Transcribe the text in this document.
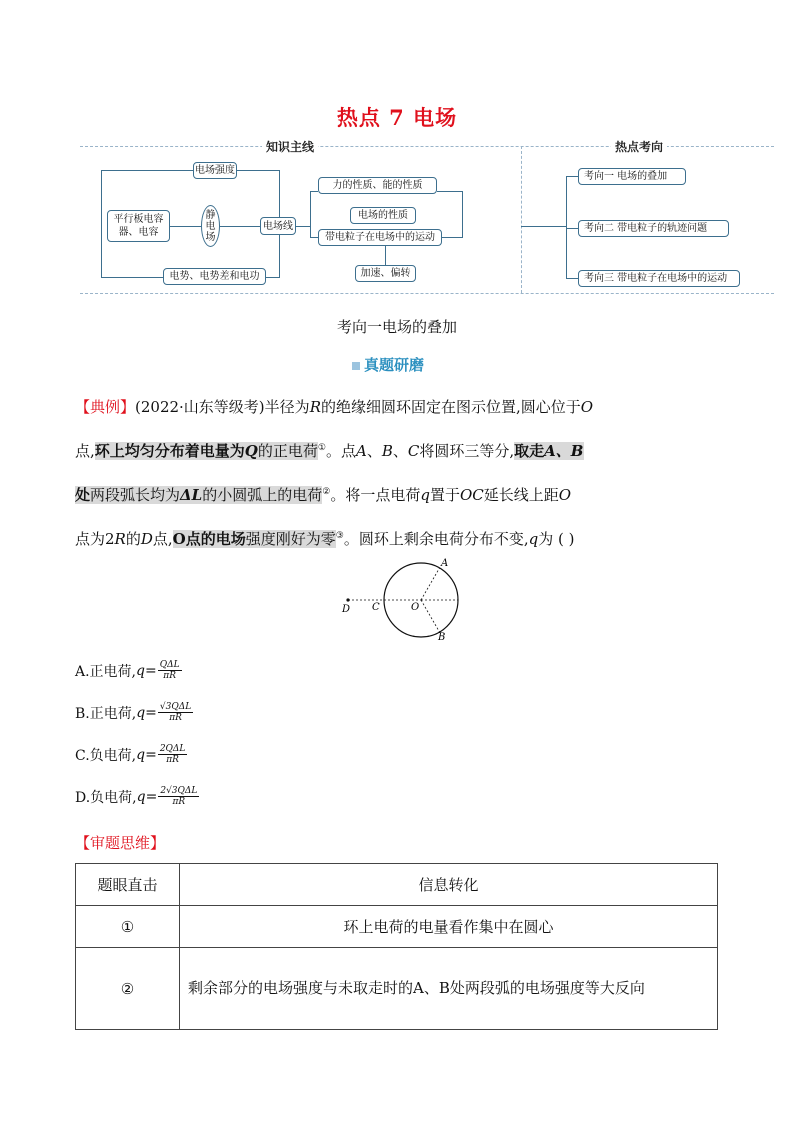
热点 7 电场
知识主线	热点考向
电场强度
平行板电容器、电容
静电场
电势、电势差和电功
电场线
力的性质、能的性质
电场的性质
带电粒子在电场中的运动
加速、偏转
考向一 电场的叠加
考向二 带电粒子的轨迹问题
考向三 带电粒子在电场中的运动
考向一电场的叠加
真题研磨
【典例】(2022·山东等级考)半径为R的绝缘细圆环固定在图示位置,圆心位于O
点,环上均匀分布着电量为Q的正电荷①。点A、B、C将圆环三等分,取走A、B
处两段弧长均为ΔL的小圆弧上的电荷②。将一点电荷q置于OC延长线上距O
点为2R的D点,O点的电场强度刚好为零③。圆环上剩余电荷分布不变,q为 ( )
D C	O
A
B
A.正电荷, $q= \frac{\text{QΔL}}{\pi R}$
B.正电荷, $q= \frac{\text{√3QΔL}}{\pi R}$
C.负电荷, $q= \frac{\text{2QΔL}}{\pi R}$
D.负电荷, $q= \frac{\text{2√3QΔL}}{\pi R}$
【审题思维】
题眼直击	信息转化
①	环上电荷的电量看作集中在圆心
②	剩余部分的电场强度与未取走时的A、B处两段弧的电场强度等大反向
